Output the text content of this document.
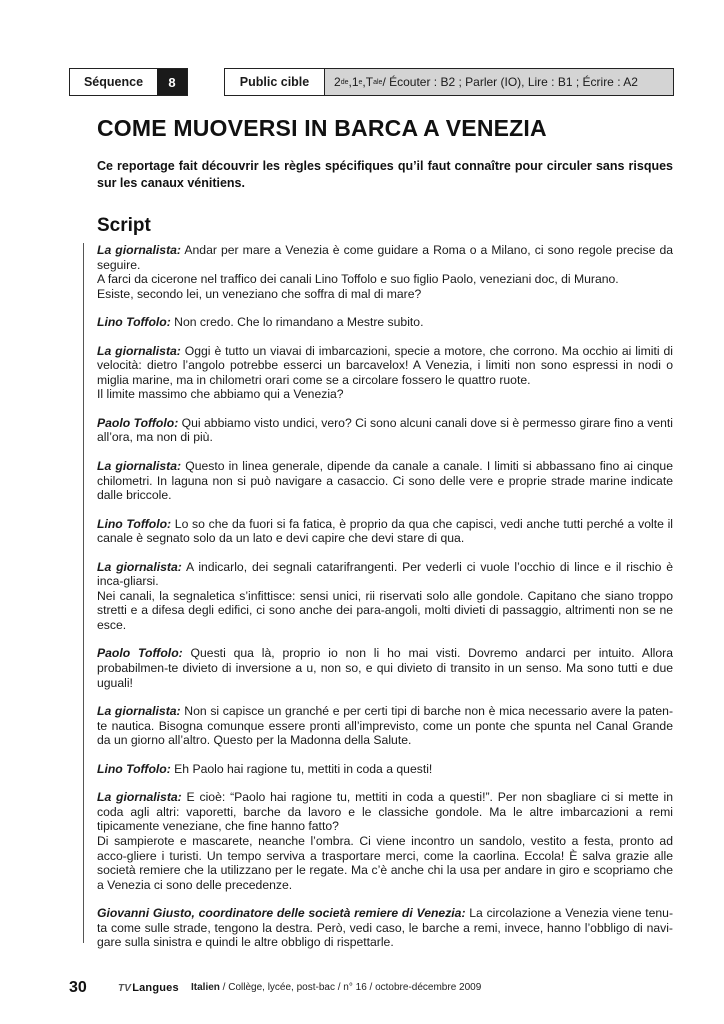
Séquence	8	Public cible	2 de , 1 e , T ale / Écouter : B2 ; Parler (IO), Lire : B1 ; Écrire : A2
COME MUOVERSI IN BARCA A VENEZIA

Ce reportage fait découvrir les règles spécifiques qu’il faut connaître pour circuler sans risques sur les canaux vénitiens.

Script

La giornalista: Andar per mare a Venezia è come guidare a Roma o a Milano, ci sono regole precise da seguire.
A farci da cicerone nel traffico dei canali Lino Toffolo e suo figlio Paolo, veneziani doc, di Murano.
Esiste, secondo lei, un veneziano che soffra di mal di mare?

Lino Toffolo: Non credo. Che lo rimandano a Mestre subito.

La giornalista: Oggi è tutto un viavai di imbarcazioni, specie a motore, che corrono. Ma occhio ai limiti di velocità: dietro l’angolo potrebbe esserci un barcavelox! A Venezia, i limiti non sono espressi in nodi o miglia marine, ma in chilometri orari come se a circolare fossero le quattro ruote.
Il limite massimo che abbiamo qui a Venezia?

Paolo Toffolo: Qui abbiamo visto undici, vero? Ci sono alcuni canali dove si è permesso girare fino a venti all’ora, ma non di più.

La giornalista: Questo in linea generale, dipende da canale a canale. I limiti si abbassano fino ai cinque chilometri. In laguna non si può navigare a casaccio. Ci sono delle vere e proprie strade marine indicate dalle briccole.

Lino Toffolo: Lo so che da fuori si fa fatica, è proprio da qua che capisci, vedi anche tutti perché a volte il canale è segnato solo da un lato e devi capire che devi stare di qua.

La giornalista: A indicarlo, dei segnali catarifrangenti. Per vederli ci vuole l’occhio di lince e il rischio è inca-gliarsi.
Nei canali, la segnaletica s’infittisce: sensi unici, rii riservati solo alle gondole. Capitano che siano troppo stretti e a difesa degli edifici, ci sono anche dei para-angoli, molti divieti di passaggio, altrimenti non se ne esce.

Paolo Toffolo: Questi qua là, proprio io non li ho mai visti. Dovremo andarci per intuito. Allora probabilmen-te divieto di inversione a u, non so, e qui divieto di transito in un senso. Ma sono tutti e due uguali!

La giornalista: Non si capisce un granché e per certi tipi di barche non è mica necessario avere la paten-te nautica. Bisogna comunque essere pronti all’imprevisto, come un ponte che spunta nel Canal Grande da un giorno all’altro. Questo per la Madonna della Salute.

Lino Toffolo: Eh Paolo hai ragione tu, mettiti in coda a questi!

La giornalista: E cioè: “Paolo hai ragione tu, mettiti in coda a questi!”. Per non sbagliare ci si mette in coda agli altri: vaporetti, barche da lavoro e le classiche gondole. Ma le altre imbarcazioni a remi tipicamente veneziane, che fine hanno fatto?
Di sampierote e mascarete, neanche l’ombra. Ci viene incontro un sandolo, vestito a festa, pronto ad acco-gliere i turisti. Un tempo serviva a trasportare merci, come la caorlina. Eccola! È salva grazie alle società remiere che la utilizzano per le regate. Ma c’è anche chi la usa per andare in giro e scopriamo che a Venezia ci sono delle precedenze.

Giovanni Giusto, coordinatore delle società remiere di Venezia: La circolazione a Venezia viene tenu-ta come sulle strade, tengono la destra. Però, vedi caso, le barche a remi, invece, hanno l’obbligo di navi-gare sulla sinistra e quindi le altre obbligo di rispettarle.

30	TVLangues Italien / Collège, lycée, post-bac / n° 16 / octobre-décembre 2009
